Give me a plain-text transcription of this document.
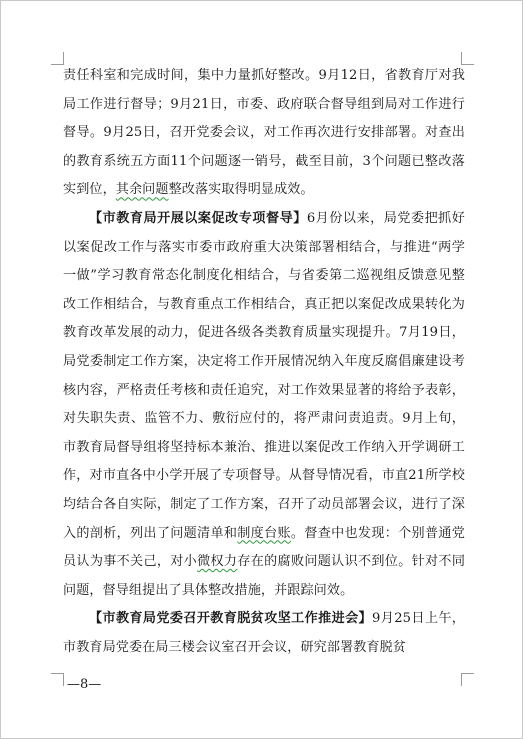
责任科室和完成时间，集中力量抓好整改。9月12日，省教育厅对我局工作进行督导；9月21日，市委、政府联合督导组到局对工作进行督导。9月25日，召开党委会议，对工作再次进行安排部署。对查出的教育系统五方面11个问题逐一销号，截至目前，3个问题已整改落实到位，其余问题整改落实取得明显成效。

【市教育局开展以案促改专项督导】6月份以来，局党委把抓好以案促改工作与落实市委市政府重大决策部署相结合，与推进“两学一做”学习教育常态化制度化相结合，与省委第二巡视组反馈意见整改工作相结合，与教育重点工作相结合，真正把以案促改成果转化为教育改革发展的动力，促进各级各类教育质量实现提升。7月19日，局党委制定工作方案，决定将工作开展情况纳入年度反腐倡廉建设考核内容，严格责任考核和责任追究，对工作效果显著的将给予表彰，对失职失责、监管不力、敷衍应付的，将严肃问责追责。9月上旬，市教育局督导组将坚持标本兼治、推进以案促改工作纳入开学调研工作，对市直各中小学开展了专项督导。从督导情况看，市直21所学校均结合各自实际，制定了工作方案，召开了动员部署会议，进行了深入的剖析，列出了问题清单和制度台账。督查中也发现：个别普通党员认为事不关己，对小微权力存在的腐败问题认识不到位。针对不同问题，督导组提出了具体整改措施，并跟踪问效。

【市教育局党委召开教育脱贫攻坚工作推进会】9月25日上午，市教育局党委在局三楼会议室召开会议，研究部署教育脱贫

—8—
